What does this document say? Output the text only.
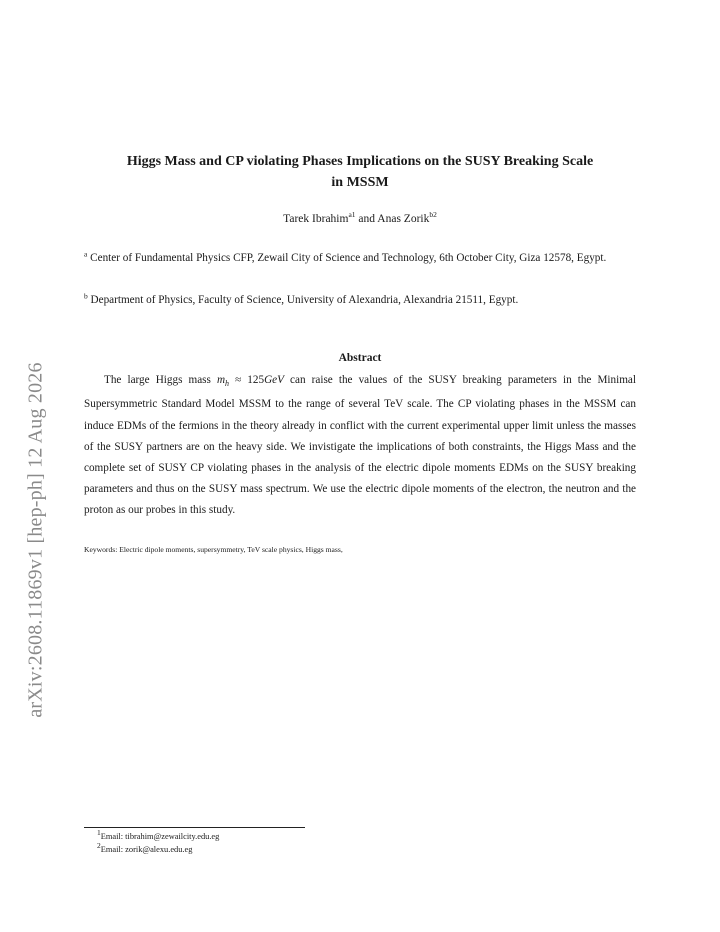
arXiv:2608.11869v1 [hep-ph] 12 Aug 2026
Higgs Mass and CP violating Phases Implications on the SUSY Breaking Scale
in MSSM
Tarek Ibrahim$^{a1}$ and Anas Zorik$^{b2}$
$^a$ Center of Fundamental Physics CFP, Zewail City of Science and Technology, 6th October City, Giza 12578, Egypt.
$^b$ Department of Physics, Faculty of Science, University of Alexandria, Alexandria 21511, Egypt.
Abstract
The large Higgs mass $m_h \approx 125GeV$ can raise the values of the SUSY breaking parameters in the Minimal Supersymmetric Standard Model MSSM to the range of several TeV scale. The CP violating phases in the MSSM can induce EDMs of the fermions in the theory already in conflict with the current experimental upper limit unless the masses of the SUSY partners are on the heavy side. We invistigate the implications of both constraints, the Higgs Mass and the complete set of SUSY CP violating phases in the analysis of the electric dipole moments EDMs on the SUSY breaking parameters and thus on the SUSY mass spectrum. We use the electric dipole moments of the electron, the neutron and the proton as our probes in this study.
Keywords: Electric dipole moments, supersymmetry, TeV scale physics, Higgs mass,
$^1$Email: tibrahim@zewailcity.edu.eg
$^2$Email: zorik@alexu.edu.eg
